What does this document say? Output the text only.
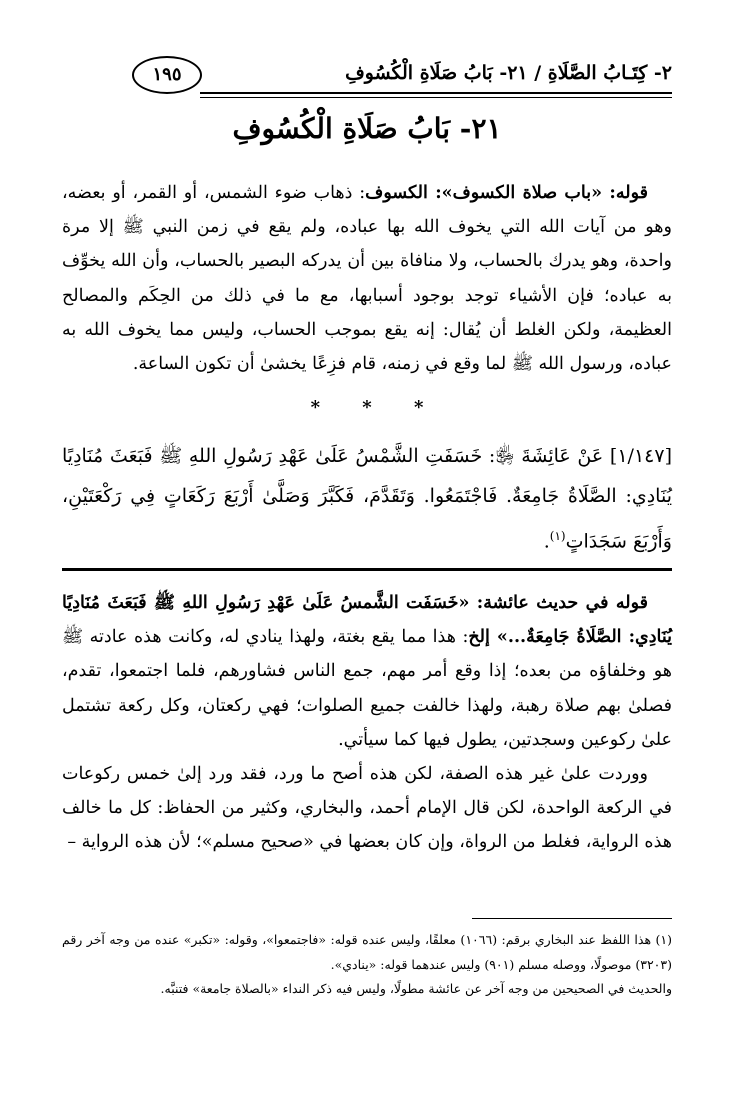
٢- كِتَـابُ الصَّلَاةِ / ٢١- بَابُ صَلَاةِ الْكُسُوفِ
١٩٥
٢١- بَابُ صَلَاةِ الْكُسُوفِ

قوله: «باب صلاة الكسوف»: الكسوف: ذهاب ضوء الشمس، أو القمر، أو بعضه، وهو من آيات الله التي يخوف الله بها عباده، ولم يقع في زمن النبي ﷺ إلا مرة واحدة، وهو يدرك بالحساب، ولا منافاة بين أن يدركه البصير بالحساب، وأن الله يخوِّف به عباده؛ فإن الأشياء توجد بوجود أسبابها، مع ما في ذلك من الحِكَم والمصالح العظيمة، ولكن الغلط أن يُقال: إنه يقع بموجب الحساب، وليس مما يخوف الله به عباده، ورسول الله ﷺ لما وقع في زمنه، قام فزِعًا يخشىٰ أن تكون الساعة.

* * *
[١/١٤٧] عَنْ عَائِشَةَ ﵂: خَسَفَتِ الشَّمْسُ عَلَىٰ عَهْدِ رَسُولِ اللهِ ﷺ فَبَعَثَ مُنَادِيًا يُنَادِي: الصَّلَاةُ جَامِعَةٌ. فَاجْتَمَعُوا. وَتَقَدَّمَ، فَكَبَّرَ وَصَلَّىٰ أَرْبَعَ رَكَعَاتٍ فِي رَكْعَتَيْنِ، وَأَرْبَعَ سَجَدَاتٍ$^{(١)}$.

قوله في حديث عائشة: «خَسَفَت الشَّمسُ عَلَىٰ عَهْدِ رَسُولِ اللهِ ﷺ فَبَعَثَ مُنَادِيًا يُنَادِي: الصَّلَاةُ جَامِعَةٌ...» إلخ: هذا مما يقع بغتة، ولهذا ينادي له، وكانت هذه عادته ﷺ هو وخلفاؤه من بعده؛ إذا وقع أمر مهم، جمع الناس فشاورهم، فلما اجتمعوا، تقدم، فصلىٰ بهم صلاة رهبة، ولهذا خالفت جميع الصلوات؛ فهي ركعتان، وكل ركعة تشتمل علىٰ ركوعين وسجدتين، يطول فيها كما سيأتي.

ووردت علىٰ غير هذه الصفة، لكن هذه أصح ما ورد، فقد ورد إلىٰ خمس ركوعات في الركعة الواحدة، لكن قال الإمام أحمد، والبخاري، وكثير من الحفاظ: كل ما خالف هذه الرواية، فغلط من الرواة، وإن كان بعضها في «صحيح مسلم»؛ لأن هذه الرواية –

(١) هذا اللفظ عند البخاري برقم: (١٠٦٦) معلقًا، وليس عنده قوله: «فاجتمعوا»، وقوله: «تكبر» عنده من وجه آخر رقم (٣٢٠٣) موصولًا، ووصله مسلم (٩٠١) وليس عندهما قوله: «ينادي».

والحديث في الصحيحين من وجه آخر عن عائشة مطولًا، وليس فيه ذكر النداء «بالصلاة جامعة» فتنبَّه.
